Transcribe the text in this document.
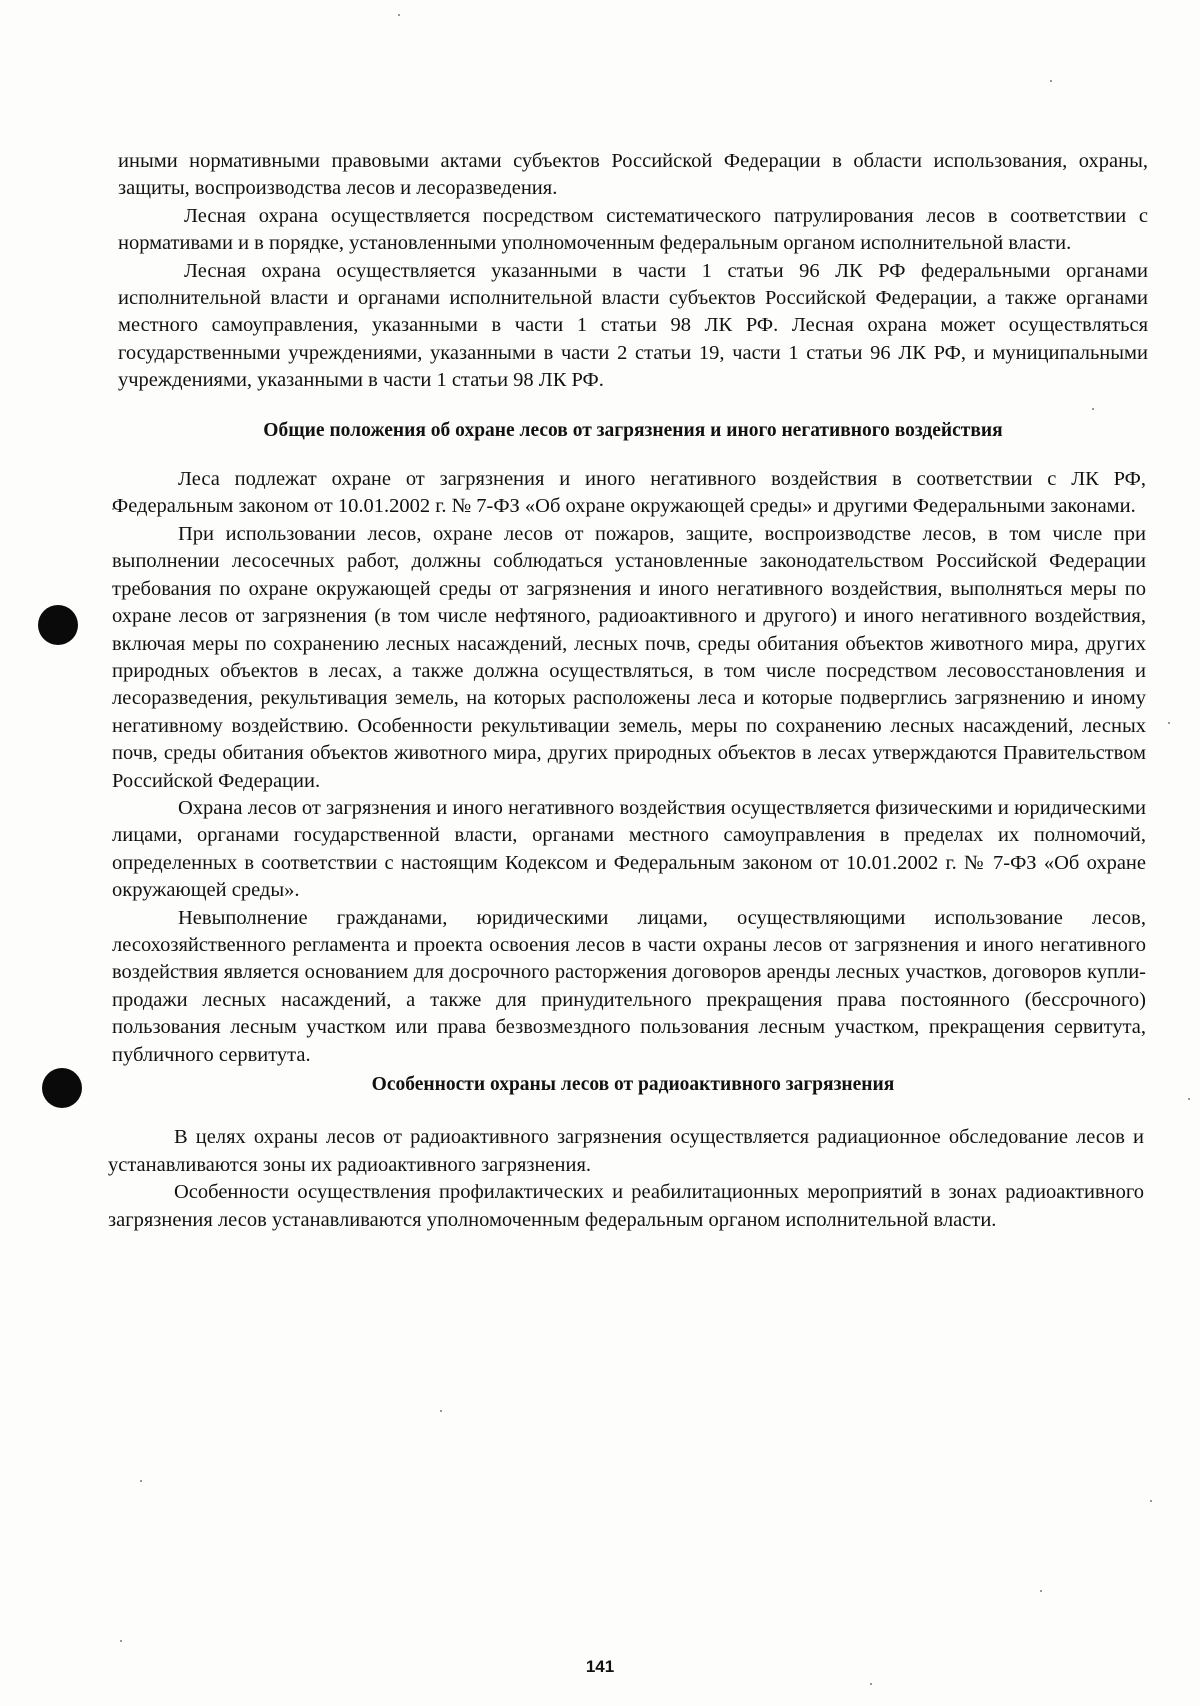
иными нормативными правовыми актами субъектов Российской Федерации в области использования, охраны, защиты, воспроизводства лесов и лесоразведения.

Лесная охрана осуществляется посредством систематического патрулирования лесов в соответствии с нормативами и в порядке, установленными уполномоченным федеральным органом исполнительной власти.

Лесная охрана осуществляется указанными в части 1 статьи 96 ЛК РФ федеральными органами исполнительной власти и органами исполнительной власти субъектов Российской Федерации, а также органами местного самоуправления, указанными в части 1 статьи 98 ЛК РФ. Лесная охрана может осуществляться государственными учреждениями, указанными в части 2 статьи 19, части 1 статьи 96 ЛК РФ, и муниципальными учреждениями, указанными в части 1 статьи 98 ЛК РФ.

Общие положения об охране лесов от загрязнения и иного негативного воздействия

Леса подлежат охране от загрязнения и иного негативного воздействия в соответствии с ЛК РФ, Федеральным законом от 10.01.2002 г. № 7-ФЗ «Об охране окружающей среды» и другими Федеральными законами.

При использовании лесов, охране лесов от пожаров, защите, воспроизводстве лесов, в том числе при выполнении лесосечных работ, должны соблюдаться установленные законодательством Российской Федерации требования по охране окружающей среды от загрязнения и иного негативного воздействия, выполняться меры по охране лесов от загрязнения (в том числе нефтяного, радиоактивного и другого) и иного негативного воздействия, включая меры по сохранению лесных насаждений, лесных почв, среды обитания объектов животного мира, других природных объектов в лесах, а также должна осуществляться, в том числе посредством лесовосстановления и лесоразведения, рекультивация земель, на которых расположены леса и которые подверглись загрязнению и иному негативному воздействию. Особенности рекультивации земель, меры по сохранению лесных насаждений, лесных почв, среды обитания объектов животного мира, других природных объектов в лесах утверждаются Правительством Российской Федерации.

Охрана лесов от загрязнения и иного негативного воздействия осуществляется физическими и юридическими лицами, органами государственной власти, органами местного самоуправления в пределах их полномочий, определенных в соответствии с настоящим Кодексом и Федеральным законом от 10.01.2002 г. № 7-ФЗ «Об охране окружающей среды».

Невыполнение гражданами, юридическими лицами, осуществляющими использование лесов, лесохозяйственного регламента и проекта освоения лесов в части охраны лесов от загрязнения и иного негативного воздействия является основанием для досрочного расторжения договоров аренды лесных участков, договоров купли-продажи лесных насаждений, а также для принудительного прекращения права постоянного (бессрочного) пользования лесным участком или права безвозмездного пользования лесным участком, прекращения сервитута, публичного сервитута.

Особенности охраны лесов от радиоактивного загрязнения

В целях охраны лесов от радиоактивного загрязнения осуществляется радиационное обследование лесов и устанавливаются зоны их радиоактивного загрязнения.

Особенности осуществления профилактических и реабилитационных мероприятий в зонах радиоактивного загрязнения лесов устанавливаются уполномоченным федеральным органом исполнительной власти.

141
